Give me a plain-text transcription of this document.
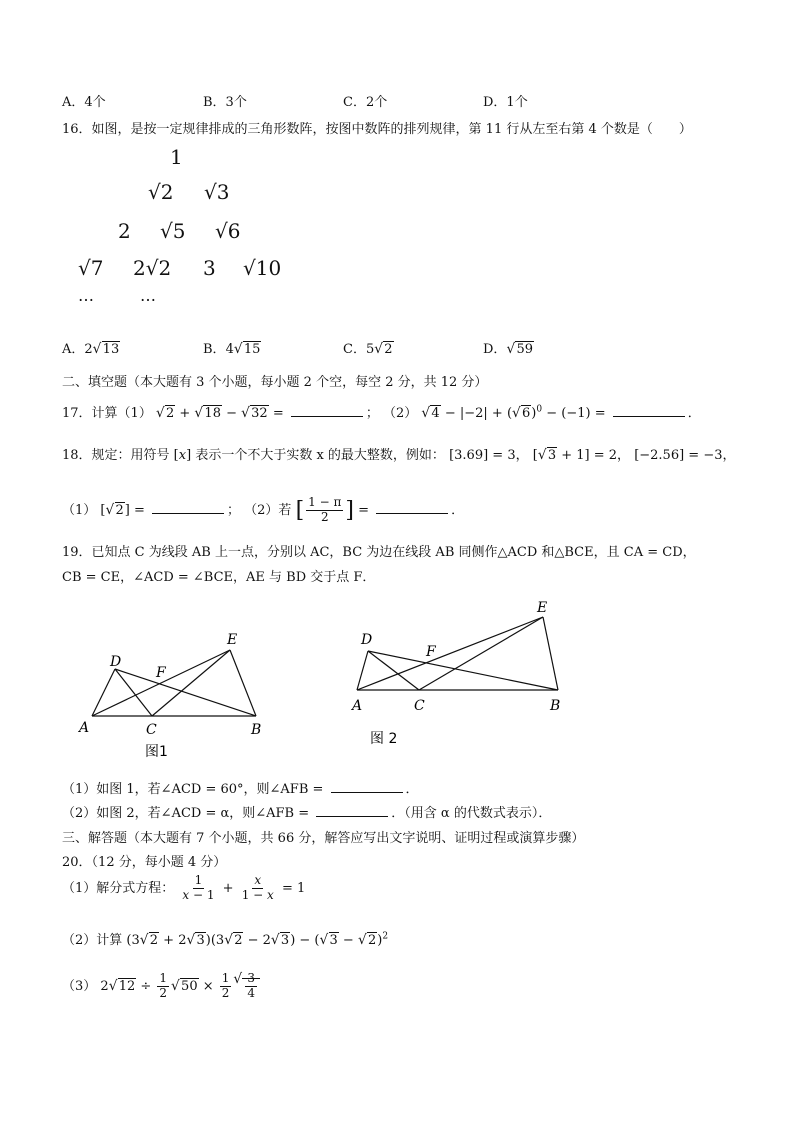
A．4个	B．3个	C．2个	D．1个
16．如图，是按一定规律排成的三角形数阵，按图中数阵的排列规律，第 11 行从左至右第 4 个数是（　　）
1
√2 √3
2 √5 √6
√7 2√2 3 √10
…	…
A．2 √ 13	B．4 √ 15	C．5 √ 2	D． √ 59
二、填空题（本大题有 3 个小题，每小题 2 个空，每空 2 分，共 12 分）
17．计算（1） √ 2 + √ 18 − √ 32 =	； （2） √ 4 − |−2| + ( √ 6)$^0$ − (−1) =	．
18．规定：用符号 [x] 表示一个不大于实数 x 的最大整数，例如： [3.69] = 3， [ √ 3 + 1] = 2， [−2.56] = −3，
（1） [ √ 2] =	； （2）若 [ $\frac{1 - \pi}{2}$ ] =	．
19．已知点 C 为线段 AB 上一点，分别以 AC，BC 为边在线段 AB 同侧作△ACD 和△BCE，且 CA = CD，
CB = CE，∠ACD = ∠BCE，AE 与 BD 交于点 F．
A
D
F
C
E
B
图1
A
D
F
C
E
B
图 2
（1）如图 1，若∠ACD = 60°，则∠AFB =	．
（2）如图 2，若∠ACD = α，则∠AFB =	．（用含 α 的代数式表示）．
三、解答题（本大题有 7 个小题，共 66 分，解答应写出文字说明、证明过程或演算步骤）
20．（12 分，每小题 4 分）
（1）解分式方程： $\frac{1}{x - 1} + \frac{x}{1 - x} = 1$
（2）计算 (3 √ 2 + 2 √ 3)(3 √ 2 − 2 √ 3) − ( √ 3 − √ 2)$^2$
（3） 2 √ $12 \div \frac{1}{2}$ √ $50 \times \frac{1}{2}$ √ $\frac{3}{4}$
